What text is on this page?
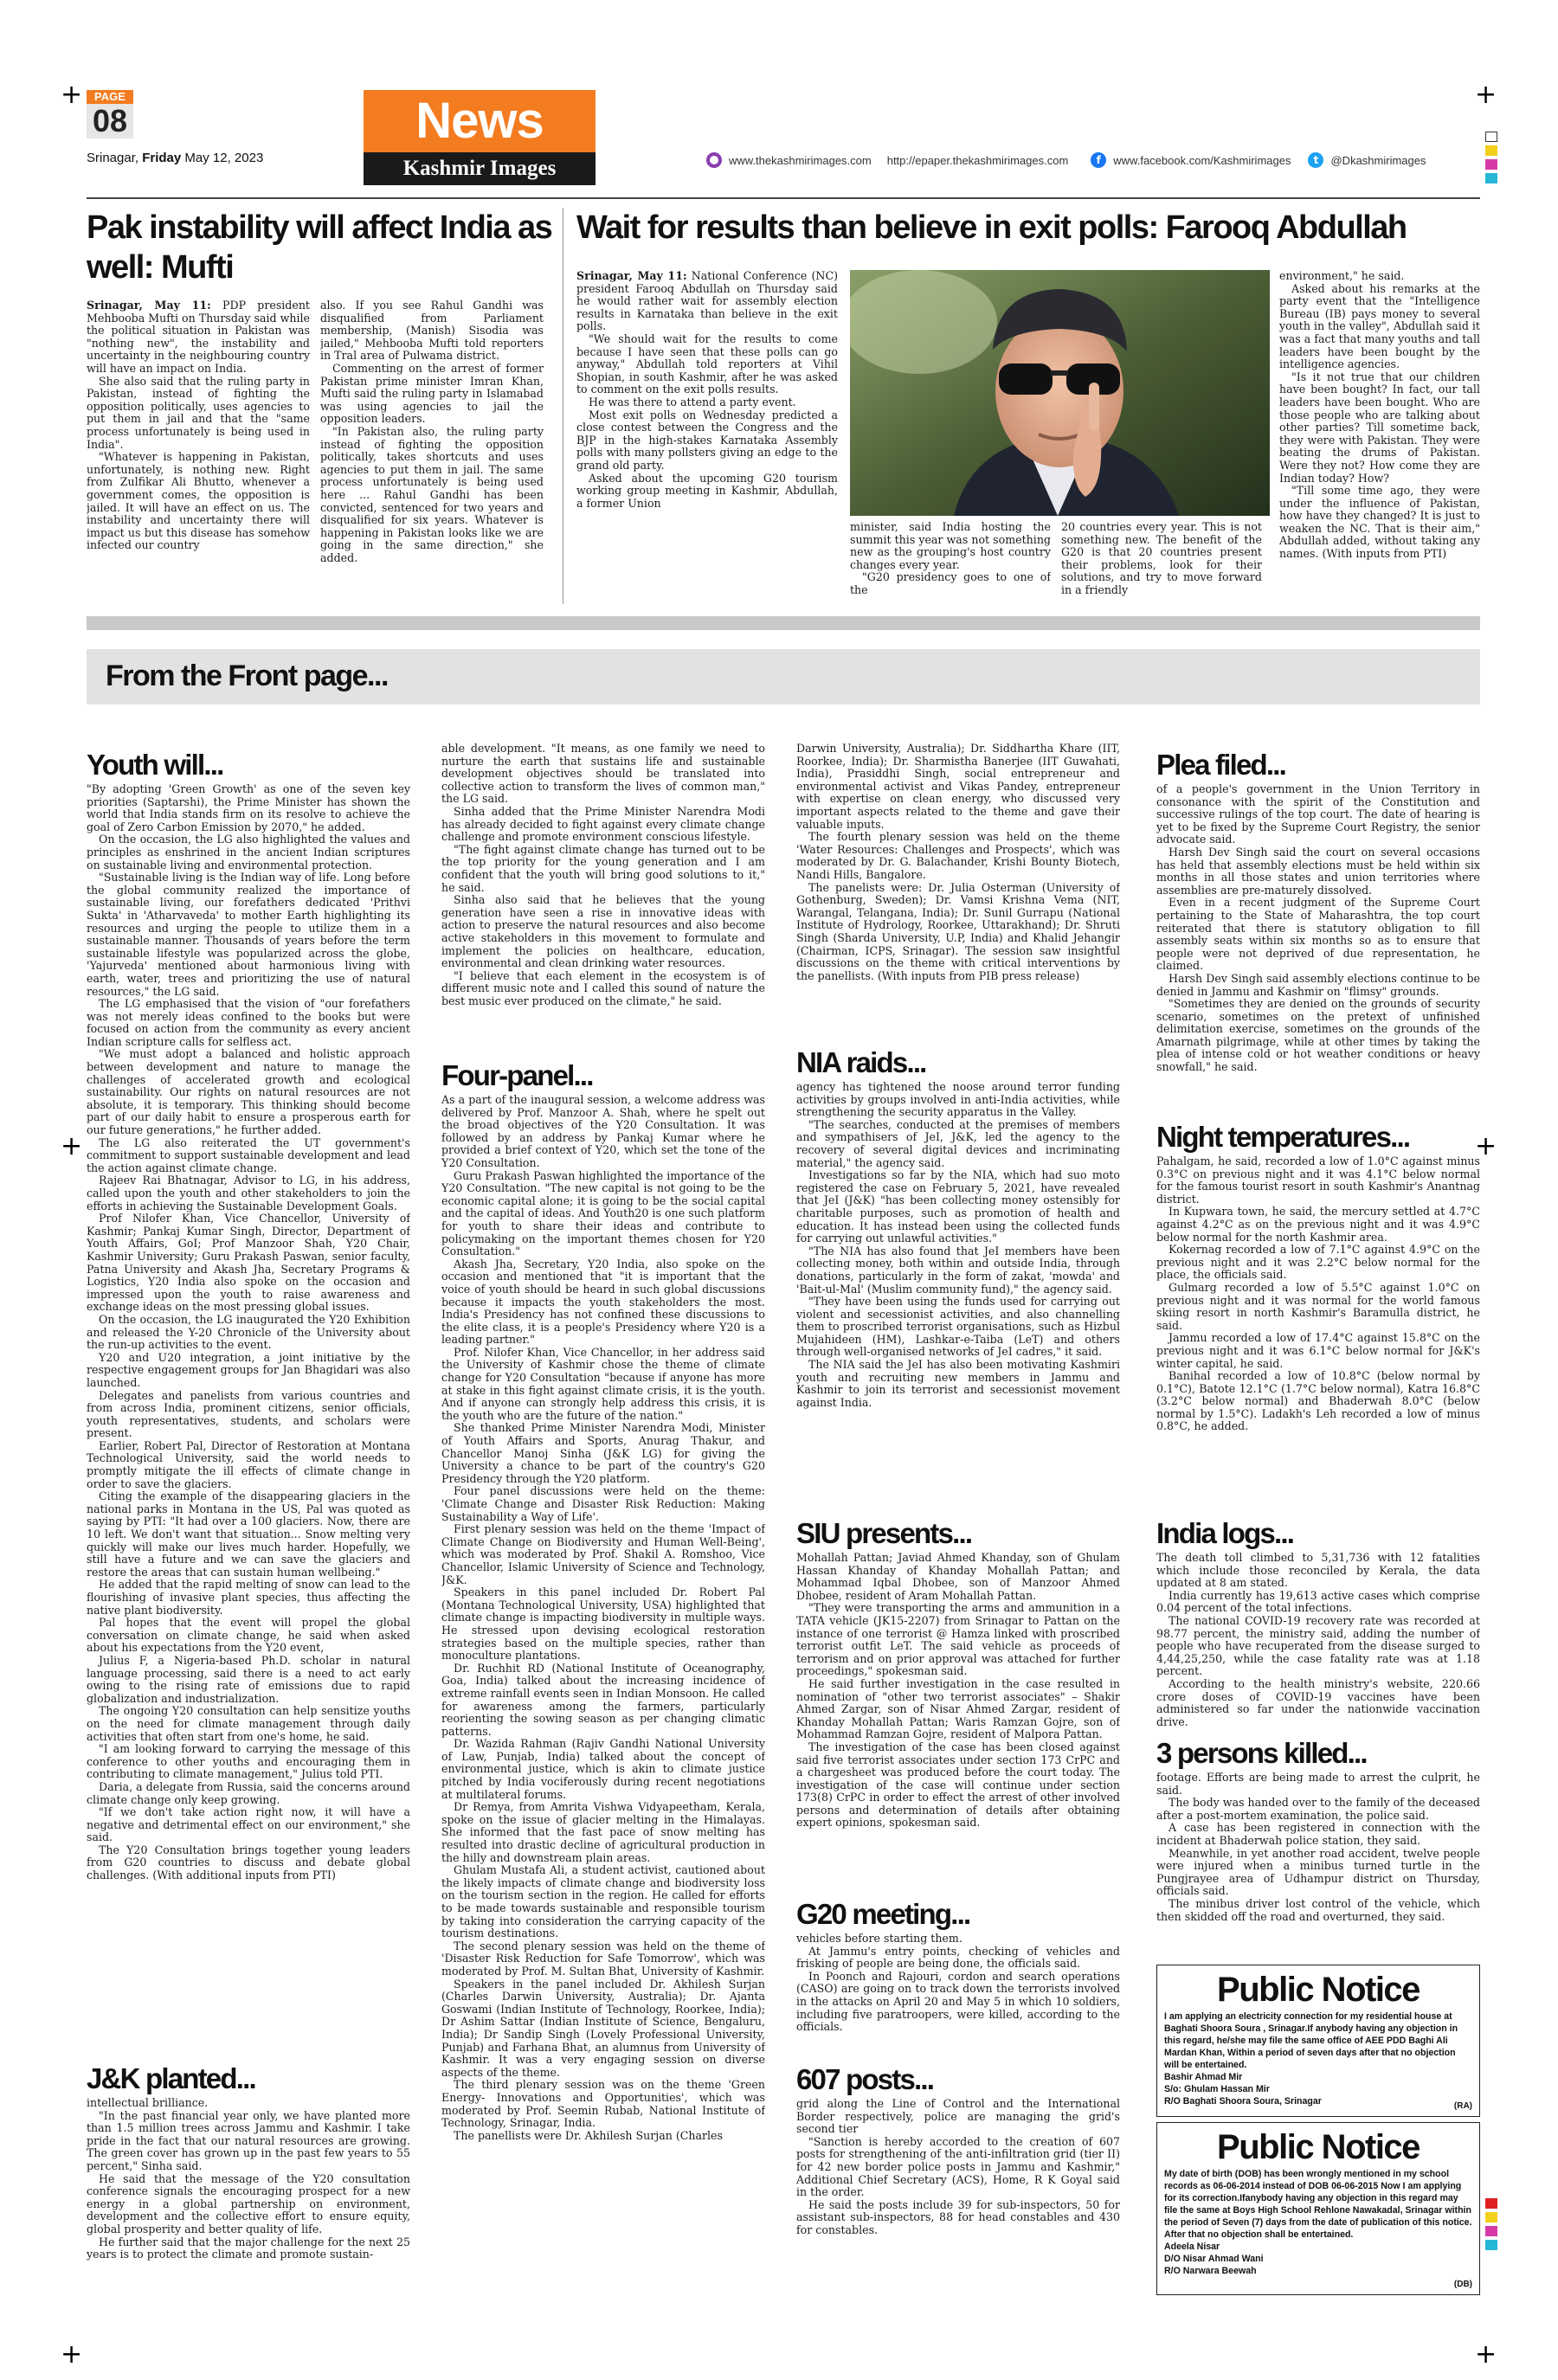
+	+
+	+
+	+
PAGE
08
Srinagar, Friday May 12, 2023
News
Kashmir Images	www.thekashmirimages.com http://epaper.thekashmirimages.com	f	www.facebook.com/Kashmirimages	t	@Dkashmirimages
Pak instability will affect India as well: Mufti

Srinagar, May 11: PDP president Mehbooba Mufti on Thursday said while the political situation in Pakistan was "nothing new", the instability and uncertainty in the neighbouring country will have an impact on India.

She also said that the ruling party in Pakistan, instead of fighting the opposition politically, uses agencies to put them in jail and that the "same process unfortunately is being used in India".

"Whatever is happening in Pakistan, unfortunately, is nothing new. Right from Zulfikar Ali Bhutto, whenever a government comes, the opposition is jailed. It will have an effect on us. The instability and uncertainty there will impact us but this disease has somehow infected our country

also. If you see Rahul Gandhi was disqualified from Parliament membership, (Manish) Sisodia was jailed," Mehbooba Mufti told reporters in Tral area of Pulwama district.

Commenting on the arrest of former Pakistan prime minister Imran Khan, Mufti said the ruling party in Islamabad was using agencies to jail the opposition leaders.

"In Pakistan also, the ruling party instead of fighting the opposition politically, takes shortcuts and uses agencies to put them in jail. The same process unfortunately is being used here ... Rahul Gandhi has been convicted, sentenced for two years and disqualified for six years. Whatever is happening in Pakistan looks like we are going in the same direction," she added.

Wait for results than believe in exit polls: Farooq Abdullah

Srinagar, May 11: National Conference (NC) president Farooq Abdullah on Thursday said he would rather wait for assembly election results in Karnataka than believe in the exit polls.

"We should wait for the results to come because I have seen that these polls can go anyway," Abdullah told reporters at Vihil Shopian, in south Kashmir, after he was asked to comment on the exit polls results.

He was there to attend a party event.

Most exit polls on Wednesday predicted a close contest between the Congress and the BJP in the high-stakes Karnataka Assembly polls with many pollsters giving an edge to the grand old party.

Asked about the upcoming G20 tourism working group meeting in Kashmir, Abdullah, a former Union

minister, said India hosting the summit this year was not something new as the grouping's host country changes every year.

"G20 presidency goes to one of the

20 countries every year. This is not something new. The benefit of the G20 is that 20 countries present their problems, look for their solutions, and try to move forward in a friendly

environment," he said.

Asked about his remarks at the party event that the "Intelligence Bureau (IB) pays money to several youth in the valley", Abdullah said it was a fact that many youths and tall leaders have been bought by the intelligence agencies.

"Is it not true that our children have been bought? In fact, our tall leaders have been bought. Who are those people who are talking about other parties? Till sometime back, they were with Pakistan. They were beating the drums of Pakistan. Were they not? How come they are Indian today? How?

"Till some time ago, they were under the influence of Pakistan, how have they changed? It is just to weaken the NC. That is their aim," Abdullah added, without taking any names. (With inputs from PTI)

From the Front page...
Youth will...

"By adopting 'Green Growth' as one of the seven key priorities (Saptarshi), the Prime Minister has shown the world that India stands firm on its resolve to achieve the goal of Zero Carbon Emission by 2070," he added.

On the occasion, the LG also highlighted the values and principles as enshrined in the ancient Indian scriptures on sustainable living and environmental protection.

"Sustainable living is the Indian way of life. Long before the global community realized the importance of sustainable living, our forefathers dedicated 'Prithvi Sukta' in 'Atharvaveda' to mother Earth highlighting its resources and urging the people to utilize them in a sustainable manner. Thousands of years before the term sustainable lifestyle was popularized across the globe, 'Yajurveda' mentioned about harmonious living with earth, water, trees and prioritizing the use of natural resources," the LG said.

The LG emphasised that the vision of "our forefathers was not merely ideas confined to the books but were focused on action from the community as every ancient Indian scripture calls for selfless act.

"We must adopt a balanced and holistic approach between development and nature to manage the challenges of accelerated growth and ecological sustainability. Our rights on natural resources are not absolute, it is temporary. This thinking should become part of our daily habit to ensure a prosperous earth for our future generations," he further added.

The LG also reiterated the UT government's commitment to support sustainable development and lead the action against climate change.

Rajeev Rai Bhatnagar, Advisor to LG, in his address, called upon the youth and other stakeholders to join the efforts in achieving the Sustainable Development Goals.

Prof Nilofer Khan, Vice Chancellor, University of Kashmir; Pankaj Kumar Singh, Director, Department of Youth Affairs, GoI; Prof Manzoor Shah, Y20 Chair, Kashmir University; Guru Prakash Paswan, senior faculty, Patna University and Akash Jha, Secretary Programs & Logistics, Y20 India also spoke on the occasion and impressed upon the youth to raise awareness and exchange ideas on the most pressing global issues.

On the occasion, the LG inaugurated the Y20 Exhibition and released the Y-20 Chronicle of the University about the run-up activities to the event.

Y20 and U20 integration, a joint initiative by the respective engagement groups for Jan Bhagidari was also launched.

Delegates and panelists from various countries and from across India, prominent citizens, senior officials, youth representatives, students, and scholars were present.

Earlier, Robert Pal, Director of Restoration at Montana Technological University, said the world needs to promptly mitigate the ill effects of climate change in order to save the glaciers.

Citing the example of the disappearing glaciers in the national parks in Montana in the US, Pal was quoted as saying by PTI: "It had over a 100 glaciers. Now, there are 10 left. We don't want that situation... Snow melting very quickly will make our lives much harder. Hopefully, we still have a future and we can save the glaciers and restore the areas that can sustain human wellbeing."

He added that the rapid melting of snow can lead to the flourishing of invasive plant species, thus affecting the native plant biodiversity.

Pal hopes that the event will propel the global conversation on climate change, he said when asked about his expectations from the Y20 event,

Julius F, a Nigeria-based Ph.D. scholar in natural language processing, said there is a need to act early owing to the rising rate of emissions due to rapid globalization and industrialization.

The ongoing Y20 consultation can help sensitize youths on the need for climate management through daily activities that often start from one's home, he said.

"I am looking forward to carrying the message of this conference to other youths and encouraging them in contributing to climate management," Julius told PTI.

Daria, a delegate from Russia, said the concerns around climate change only keep growing.

"If we don't take action right now, it will have a negative and detrimental effect on our environment," she said.

The Y20 Consultation brings together young leaders from G20 countries to discuss and debate global challenges. (With additional inputs from PTI)

J&K planted...

intellectual brilliance.

"In the past financial year only, we have planted more than 1.5 million trees across Jammu and Kashmir. I take pride in the fact that our natural resources are growing. The green cover has grown up in the past few years to 55 percent," Sinha said.

He said that the message of the Y20 consultation conference signals the encouraging prospect for a new energy in a global partnership on environment, development and the collective effort to ensure equity, global prosperity and better quality of life.

He further said that the major challenge for the next 25 years is to protect the climate and promote sustain-

able development. "It means, as one family we need to nurture the earth that sustains life and sustainable development objectives should be translated into collective action to transform the lives of common man," the LG said.

Sinha added that the Prime Minister Narendra Modi has already decided to fight against every climate change challenge and promote environment conscious lifestyle.

"The fight against climate change has turned out to be the top priority for the young generation and I am confident that the youth will bring good solutions to it," he said.

Sinha also said that he believes that the young generation have seen a rise in innovative ideas with action to preserve the natural resources and also become active stakeholders in this movement to formulate and implement the policies on healthcare, education, environmental and clean drinking water resources.

"I believe that each element in the ecosystem is of different music note and I called this sound of nature the best music ever produced on the climate," he said.

Four-panel...

As a part of the inaugural session, a welcome address was delivered by Prof. Manzoor A. Shah, where he spelt out the broad objectives of the Y20 Consultation. It was followed by an address by Pankaj Kumar where he provided a brief context of Y20, which set the tone of the Y20 Consultation.

Guru Prakash Paswan highlighted the importance of the Y20 Consultation. "The new capital is not going to be the economic capital alone; it is going to be the social capital and the capital of ideas. And Youth20 is one such platform for youth to share their ideas and contribute to policymaking on the important themes chosen for Y20 Consultation."

Akash Jha, Secretary, Y20 India, also spoke on the occasion and mentioned that "it is important that the voice of youth should be heard in such global discussions because it impacts the youth stakeholders the most. India's Presidency has not confined these discussions to the elite class, it is a people's Presidency where Y20 is a leading partner."

Prof. Nilofer Khan, Vice Chancellor, in her address said the University of Kashmir chose the theme of climate change for Y20 Consultation "because if anyone has more at stake in this fight against climate crisis, it is the youth. And if anyone can strongly help address this crisis, it is the youth who are the future of the nation."

She thanked Prime Minister Narendra Modi, Minister of Youth Affairs and Sports, Anurag Thakur, and Chancellor Manoj Sinha (J&K LG) for giving the University a chance to be part of the country's G20 Presidency through the Y20 platform.

Four panel discussions were held on the theme: 'Climate Change and Disaster Risk Reduction: Making Sustainability a Way of Life'.

First plenary session was held on the theme 'Impact of Climate Change on Biodiversity and Human Well-Being', which was moderated by Prof. Shakil A. Romshoo, Vice Chancellor, Islamic University of Science and Technology, J&K.

Speakers in this panel included Dr. Robert Pal (Montana Technological University, USA) highlighted that climate change is impacting biodiversity in multiple ways. He stressed upon devising ecological restoration strategies based on the multiple species, rather than monoculture plantations.

Dr. Ruchhit RD (National Institute of Oceanography, Goa, India) talked about the increasing incidence of extreme rainfall events seen in Indian Monsoon. He called for awareness among the farmers, particularly reorienting the sowing season as per changing climatic patterns.

Dr. Wazida Rahman (Rajiv Gandhi National University of Law, Punjab, India) talked about the concept of environmental justice, which is akin to climate justice pitched by India vociferously during recent negotiations at multilateral forums.

Dr Remya, from Amrita Vishwa Vidyapeetham, Kerala, spoke on the issue of glacier melting in the Himalayas. She informed that the fast pace of snow melting has resulted into drastic decline of agricultural production in the hilly and downstream plain areas.

Ghulam Mustafa Ali, a student activist, cautioned about the likely impacts of climate change and biodiversity loss on the tourism section in the region. He called for efforts to be made towards sustainable and responsible tourism by taking into consideration the carrying capacity of the tourism destinations.

The second plenary session was held on the theme of 'Disaster Risk Reduction for Safe Tomorrow', which was moderated by Prof. M. Sultan Bhat, University of Kashmir.

Speakers in the panel included Dr. Akhilesh Surjan (Charles Darwin University, Australia); Dr. Ajanta Goswami (Indian Institute of Technology, Roorkee, India); Dr Ashim Sattar (Indian Institute of Science, Bengaluru, India); Dr Sandip Singh (Lovely Professional University, Punjab) and Farhana Bhat, an alumnus from University of Kashmir. It was a very engaging session on diverse aspects of the theme.

The third plenary session was on the theme 'Green Energy- Innovations and Opportunities', which was moderated by Prof. Seemin Rubab, National Institute of Technology, Srinagar, India.

The panellists were Dr. Akhilesh Surjan (Charles

Darwin University, Australia); Dr. Siddhartha Khare (IIT, Roorkee, India); Dr. Sharmistha Banerjee (IIT Guwahati, India), Prasiddhi Singh, social entrepreneur and environmental activist and Vikas Pandey, entrepreneur with expertise on clean energy, who discussed very important aspects related to the theme and gave their valuable inputs.

The fourth plenary session was held on the theme 'Water Resources: Challenges and Prospects', which was moderated by Dr. G. Balachander, Krishi Bounty Biotech, Nandi Hills, Bangalore.

The panelists were: Dr. Julia Osterman (University of Gothenburg, Sweden); Dr. Vamsi Krishna Vema (NIT, Warangal, Telangana, India); Dr. Sunil Gurrapu (National Institute of Hydrology, Roorkee, Uttarakhand); Dr. Shruti Singh (Sharda University, U.P, India) and Khalid Jehangir (Chairman, ICPS, Srinagar). The session saw insightful discussions on the theme with critical interventions by the panellists. (With inputs from PIB press release)

NIA raids...

agency has tightened the noose around terror funding activities by groups involved in anti-India activities, while strengthening the security apparatus in the Valley.

"The searches, conducted at the premises of members and sympathisers of JeI, J&K, led the agency to the recovery of several digital devices and incriminating material," the agency said.

Investigations so far by the NIA, which had suo moto registered the case on February 5, 2021, have revealed that JeI (J&K) "has been collecting money ostensibly for charitable purposes, such as promotion of health and education. It has instead been using the collected funds for carrying out unlawful activities."

"The NIA has also found that JeI members have been collecting money, both within and outside India, through donations, particularly in the form of zakat, 'mowda' and 'Bait-ul-Mal' (Muslim community fund)," the agency said.

"They have been using the funds used for carrying out violent and secessionist activities, and also channelling them to proscribed terrorist organisations, such as Hizbul Mujahideen (HM), Lashkar-e-Taiba (LeT) and others through well-organised networks of JeI cadres," it said.

The NIA said the JeI has also been motivating Kashmiri youth and recruiting new members in Jammu and Kashmir to join its terrorist and secessionist movement against India.

SIU presents...

Mohallah Pattan; Javiad Ahmed Khanday, son of Ghulam Hassan Khanday of Khanday Mohallah Pattan; and Mohammad Iqbal Dhobee, son of Manzoor Ahmed Dhobee, resident of Aram Mohallah Pattan.

"They were transporting the arms and ammunition in a TATA vehicle (JK15-2207) from Srinagar to Pattan on the instance of one terrorist @ Hamza linked with proscribed terrorist outfit LeT. The said vehicle as proceeds of terrorism and on prior approval was attached for further proceedings," spokesman said.

He said further investigation in the case resulted in nomination of "other two terrorist associates" – Shakir Ahmed Zargar, son of Nisar Ahmed Zargar, resident of Khanday Mohallah Pattan; Waris Ramzan Gojre, son of Mohammad Ramzan Gojre, resident of Malpora Pattan.

The investigation of the case has been closed against said five terrorist associates under section 173 CrPC and a chargesheet was produced before the court today. The investigation of the case will continue under section 173(8) CrPC in order to effect the arrest of other involved persons and determination of details after obtaining expert opinions, spokesman said.

G20 meeting...

vehicles before starting them.

At Jammu's entry points, checking of vehicles and frisking of people are being done, the officials said.

In Poonch and Rajouri, cordon and search operations (CASO) are going on to track down the terrorists involved in the attacks on April 20 and May 5 in which 10 soldiers, including five paratroopers, were killed, according to the officials.

607 posts...

grid along the Line of Control and the International Border respectively, police are managing the grid's second tier

"Sanction is hereby accorded to the creation of 607 posts for strengthening of the anti-infiltration grid (tier II) for 42 new border police posts in Jammu and Kashmir," Additional Chief Secretary (ACS), Home, R K Goyal said in the order.

He said the posts include 39 for sub-inspectors, 50 for assistant sub-inspectors, 88 for head constables and 430 for constables.

Plea filed...

of a people's government in the Union Territory in consonance with the spirit of the Constitution and successive rulings of the top court. The date of hearing is yet to be fixed by the Supreme Court Registry, the senior advocate said.

Harsh Dev Singh said the court on several occasions has held that assembly elections must be held within six months in all those states and union territories where assemblies are pre-maturely dissolved.

Even in a recent judgment of the Supreme Court pertaining to the State of Maharashtra, the top court reiterated that there is statutory obligation to fill assembly seats within six months so as to ensure that people were not deprived of due representation, he claimed.

Harsh Dev Singh said assembly elections continue to be denied in Jammu and Kashmir on "flimsy" grounds.

"Sometimes they are denied on the grounds of security scenario, sometimes on the pretext of unfinished delimitation exercise, sometimes on the grounds of the Amarnath pilgrimage, while at other times by taking the plea of intense cold or hot weather conditions or heavy snowfall," he said.

Night temperatures...

Pahalgam, he said, recorded a low of 1.0°C against minus 0.3°C on previous night and it was 4.1°C below normal for the famous tourist resort in south Kashmir's Anantnag district.

In Kupwara town, he said, the mercury settled at 4.7°C against 4.2°C as on the previous night and it was 4.9°C below normal for the north Kashmir area.

Kokernag recorded a low of 7.1°C against 4.9°C on the previous night and it was 2.2°C below normal for the place, the officials said.

Gulmarg recorded a low of 5.5°C against 1.0°C on previous night and it was normal for the world famous skiing resort in north Kashmir's Baramulla district, he said.

Jammu recorded a low of 17.4°C against 15.8°C on the previous night and it was 6.1°C below normal for J&K's winter capital, he said.

Banihal recorded a low of 10.8°C (below normal by 0.1°C), Batote 12.1°C (1.7°C below normal), Katra 16.8°C (3.2°C below normal) and Bhaderwah 8.0°C (below normal by 1.5°C). Ladakh's Leh recorded a low of minus 0.8°C, he added.

India logs...

The death toll climbed to 5,31,736 with 12 fatalities which include those reconciled by Kerala, the data updated at 8 am stated.

India currently has 19,613 active cases which comprise 0.04 percent of the total infections.

The national COVID-19 recovery rate was recorded at 98.77 percent, the ministry said, adding the number of people who have recuperated from the disease surged to 4,44,25,250, while the case fatality rate was at 1.18 percent.

According to the health ministry's website, 220.66 crore doses of COVID-19 vaccines have been administered so far under the nationwide vaccination drive.

3 persons killed...

footage. Efforts are being made to arrest the culprit, he said.

The body was handed over to the family of the deceased after a post-mortem examination, the police said.

A case has been registered in connection with the incident at Bhaderwah police station, they said.

Meanwhile, in yet another road accident, twelve people were injured when a minibus turned turtle in the Pungjrayee area of Udhampur district on Thursday, officials said.

The minibus driver lost control of the vehicle, which then skidded off the road and overturned, they said.

Public Notice
I am applying an electricity connection for my residential house at Baghati Shoora Soura , Srinagar.If anybody having any objection in this regard, he/she may file the same office of AEE PDD Baghi Ali Mardan Khan, Within a period of seven days after that no objection will be entertained.
Bashir Ahmad Mir
S/o: Ghulam Hassan Mir
R/O Baghati Shoora Soura, Srinagar	(RA)
Public Notice
My date of birth (DOB) has been wrongly mentioned in my school records as 06-06-2014 instead of DOB 06-06-2015 Now I am applying for its correction.Ifanybody having any objection in this regard may file the same at Boys High School Rehlone Nawakadal, Srinagar within the period of Seven (7) days from the date of publication of this notice. After that no objection shall be entertained.
Adeela Nisar
D/O Nisar Ahmad Wani
R/O Narwara Beewah
(DB)
